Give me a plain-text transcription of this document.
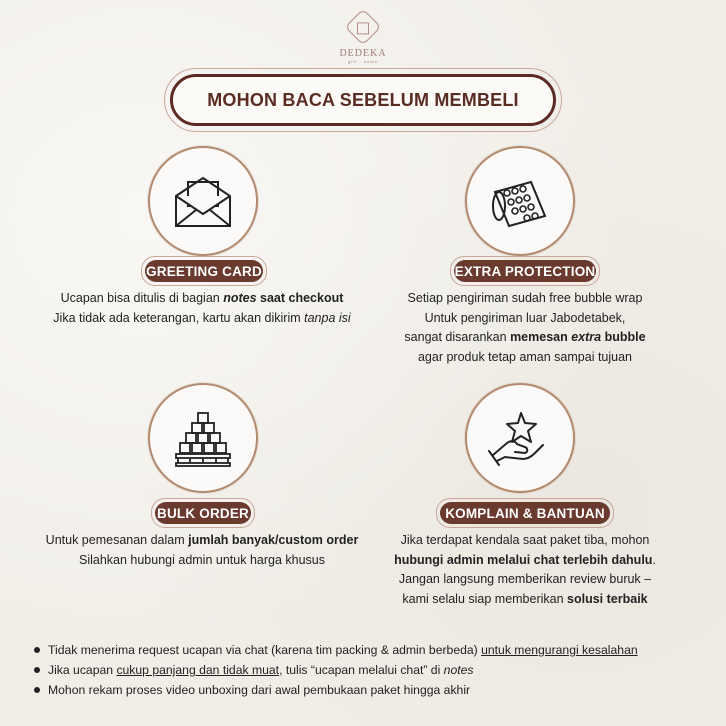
DEDEKA
gift · home
MOHON BACA SEBELUM MEMBELI
GREETING CARD	EXTRA PROTECTION
Ucapan bisa ditulis di bagian notes saat checkout
Jika tidak ada keterangan, kartu akan dikirim tanpa isi
Setiap pengiriman sudah free bubble wrap
Untuk pengiriman luar Jabodetabek,
sangat disarankan memesan extra bubble
agar produk tetap aman sampai tujuan
BULK ORDER	KOMPLAIN & BANTUAN
Untuk pemesanan dalam jumlah banyak/custom order
Silahkan hubungi admin untuk harga khusus
Jika terdapat kendala saat paket tiba, mohon
hubungi admin melalui chat terlebih dahulu.
Jangan langsung memberikan review buruk –
kami selalu siap memberikan solusi terbaik
Tidak menerima request ucapan via chat (karena tim packing & admin berbeda) untuk mengurangi kesalahan
Jika ucapan cukup panjang dan tidak muat, tulis “ucapan melalui chat” di notes
Mohon rekam proses video unboxing dari awal pembukaan paket hingga akhir
